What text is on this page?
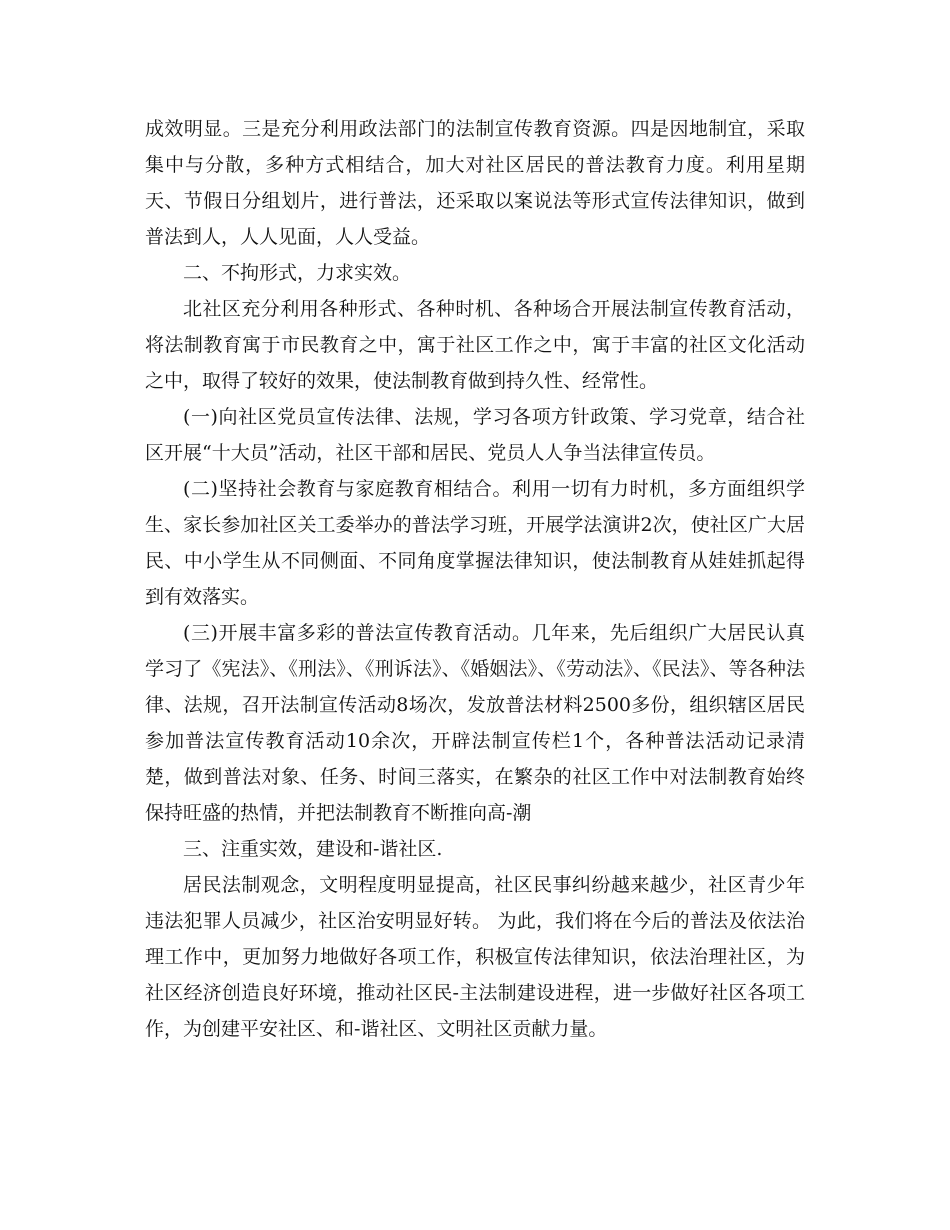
成效明显。三是充分利用政法部门的法制宣传教育资源。四是因地制宜，采取集中与分散，多种方式相结合，加大对社区居民的普法教育力度。利用星期天、节假日分组划片，进行普法，还采取以案说法等形式宣传法律知识，做到普法到人，人人见面，人人受益。

二、不拘形式，力求实效。

北社区充分利用各种形式、各种时机、各种场合开展法制宣传教育活动，将法制教育寓于市民教育之中，寓于社区工作之中，寓于丰富的社区文化活动之中，取得了较好的效果，使法制教育做到持久性、经常性。

(一)向社区党员宣传法律、法规，学习各项方针政策、学习党章，结合社区开展“十大员”活动，社区干部和居民、党员人人争当法律宣传员。

(二)坚持社会教育与家庭教育相结合。利用一切有力时机，多方面组织学生、家长参加社区关工委举办的普法学习班，开展学法演讲2次，使社区广大居民、中小学生从不同侧面、不同角度掌握法律知识，使法制教育从娃娃抓起得到有效落实。

(三)开展丰富多彩的普法宣传教育活动。几年来，先后组织广大居民认真学习了《宪法》、《刑法》、《刑诉法》、《婚姻法》、《劳动法》、《民法》、等各种法律、法规，召开法制宣传活动8场次，发放普法材料2500多份，组织辖区居民参加普法宣传教育活动10余次，开辟法制宣传栏1个，各种普法活动记录清楚，做到普法对象、任务、时间三落实，在繁杂的社区工作中对法制教育始终保持旺盛的热情，并把法制教育不断推向高-潮

三、注重实效，建设和-谐社区.

居民法制观念，文明程度明显提高，社区民事纠纷越来越少，社区青少年违法犯罪人员减少，社区治安明显好转。 为此，我们将在今后的普法及依法治理工作中，更加努力地做好各项工作，积极宣传法律知识，依法治理社区，为社区经济创造良好环境，推动社区民-主法制建设进程，进一步做好社区各项工作，为创建平安社区、和-谐社区、文明社区贡献力量。
